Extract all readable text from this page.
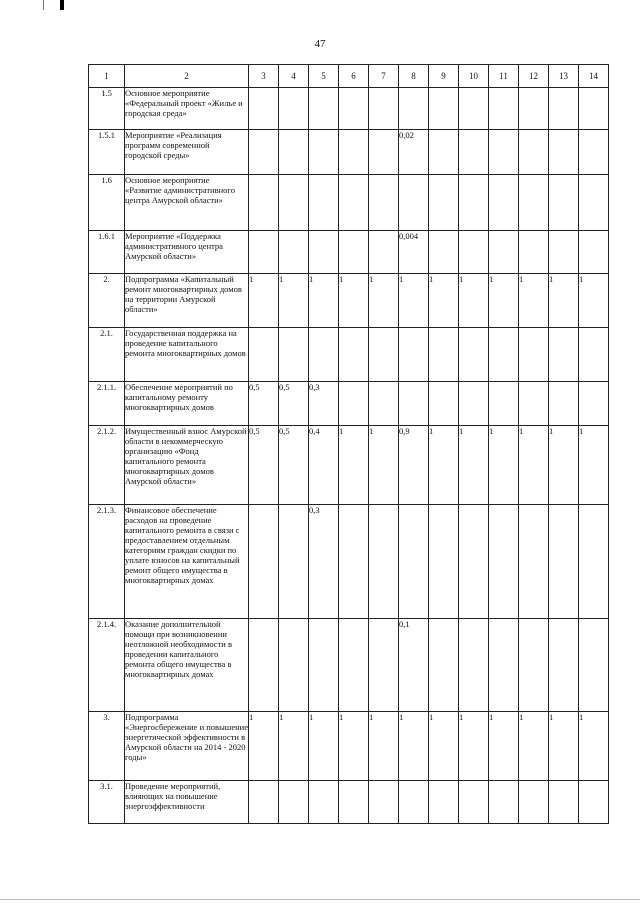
47
1	2	3	4	5	6	7	8	9	10	11	12	13	14
1.5	Основное мероприятие «Федеральный проект «Жилье и городская среда»												
1.5.1	Мероприятие «Реализация программ современной городской среды»						0,02						
1.6	Основное мероприятие «Развитие административного центра Амурской области»												
1.6.1	Мероприятие «Поддержка административного центра Амурской области»						0,004						
2.	Подпрограмма «Капитальный ремонт многоквартирных домов на территории Амурской области»	1	1	1	1	1	1	1	1	1	1	1	1
2.1.	Государственная поддержка на проведение капитального ремонта многоквартирных домов												
2.1.1.	Обеспечение мероприятий по капитальному ремонту многоквартирных домов	0,5	0,5	0,3									
2.1.2.	Имущественный взнос Амурской области в некоммерческую организацию «Фонд капитального ремонта многоквартирных домов Амурской области»	0,5	0,5	0,4	1	1	0,9	1	1	1	1	1	1
2.1.3.	Финансовое обеспечение расходов на проведение капитального ремонта в связи с предоставлением отдельным категориям граждан скидки по уплате взносов на капитальный ремонт общего имущества в многоквартирных домах			0,3									
2.1.4.	Оказание дополнительной помощи при возникновении неотложной необходимости в проведении капитального ремонта общего имущества в многоквартирных домах						0,1						
3.	Подпрограмма «Энергосбережение и повышение энергетической эффективности в Амурской области на 2014 - 2020 годы»	1	1	1	1	1	1	1	1	1	1	1	1
3.1.	Проведение мероприятий, влияющих на повышение энергоэффективности												
